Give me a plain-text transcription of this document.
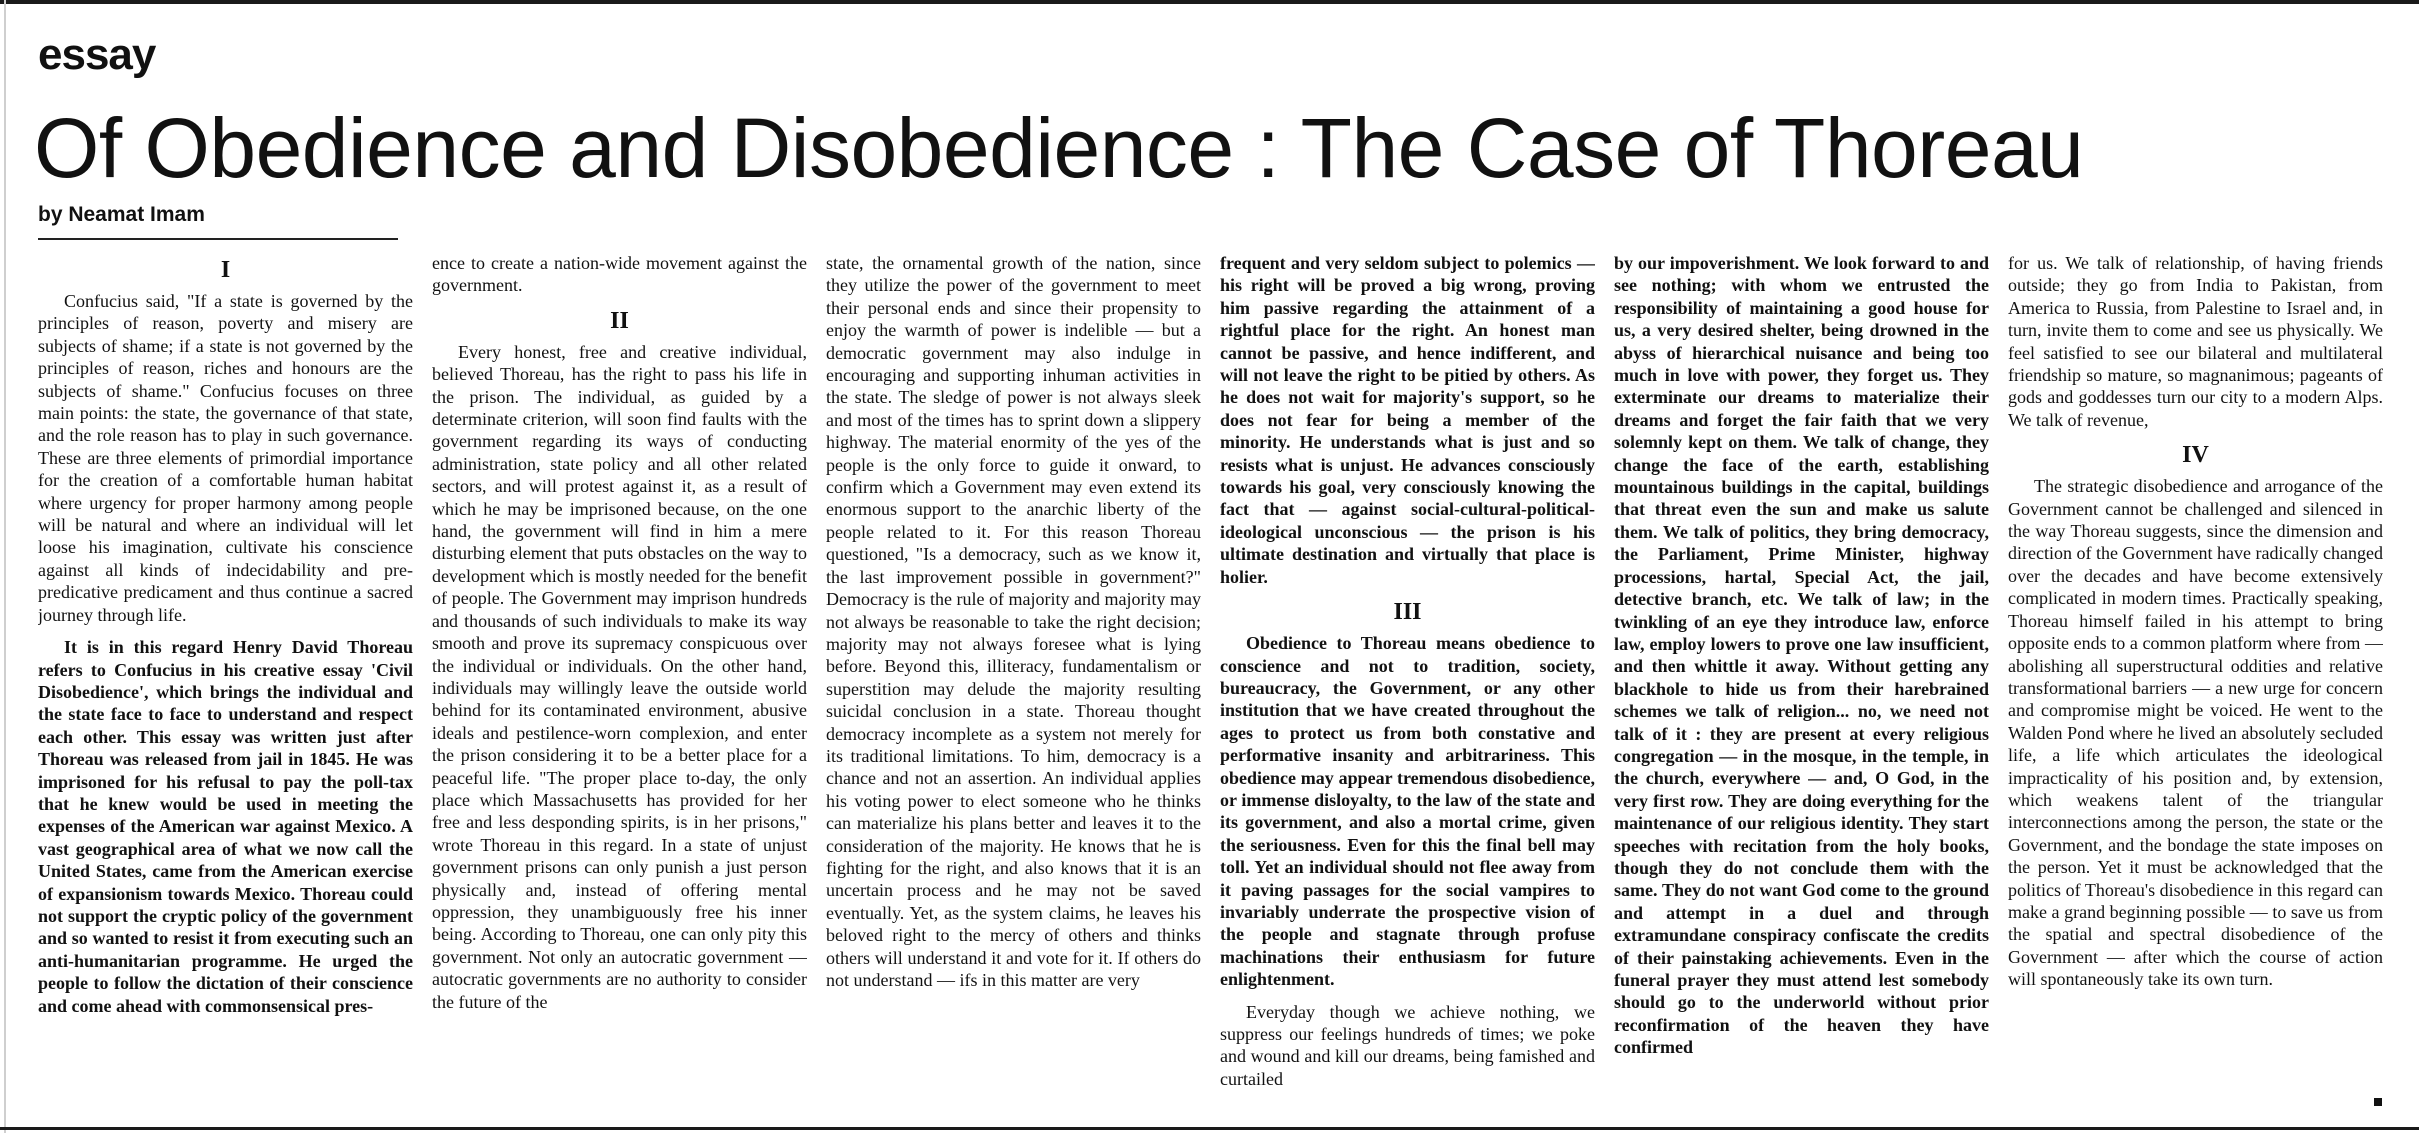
essay

Of Obedience and Disobedience : The Case of Thoreau

by Neamat Imam

I

Confucius said, "If a state is governed by the principles of reason, poverty and misery are subjects of shame; if a state is not governed by the principles of reason, riches and honours are the subjects of shame." Confucius focuses on three main points: the state, the governance of that state, and the role reason has to play in such governance. These are three elements of primordial importance for the creation of a comfortable human habitat where urgency for proper harmony among people will be natural and where an individual will let loose his imagination, cultivate his conscience against all kinds of indecidability and pre-predicative predicament and thus continue a sacred journey through life.

It is in this regard Henry David Thoreau refers to Confucius in his creative essay 'Civil Disobedience', which brings the individual and the state face to face to understand and respect each other. This essay was written just after Thoreau was released from jail in 1845. He was imprisoned for his refusal to pay the poll-tax that he knew would be used in meeting the expenses of the American war against Mexico. A vast geographical area of what we now call the United States, came from the American exercise of expansionism towards Mexico. Thoreau could not support the cryptic policy of the government and so wanted to resist it from executing such an anti-humanitarian programme. He urged the people to follow the dictation of their conscience and come ahead with commonsensical pres-

ence to create a nation-wide movement against the government.

II

Every honest, free and creative individual, believed Thoreau, has the right to pass his life in the prison. The individual, as guided by a determinate criterion, will soon find faults with the government regarding its ways of conducting administration, state policy and all other related sectors, and will protest against it, as a result of which he may be imprisoned because, on the one hand, the government will find in him a mere disturbing element that puts obstacles on the way to development which is mostly needed for the benefit of people. The Government may imprison hundreds and thousands of such individuals to make its way smooth and prove its supremacy conspicuous over the individual or individuals. On the other hand, individuals may willingly leave the outside world behind for its contaminated environment, abusive ideals and pestilence-worn complexion, and enter the prison considering it to be a better place for a peaceful life. "The proper place to-day, the only place which Massachusetts has provided for her free and less desponding spirits, is in her prisons," wrote Thoreau in this regard. In a state of unjust government prisons can only punish a just person physically and, instead of offering mental oppression, they unambiguously free his inner being. According to Thoreau, one can only pity this government. Not only an autocratic government — autocratic governments are no authority to consider the future of the

state, the ornamental growth of the nation, since they utilize the power of the government to meet their personal ends and since their propensity to enjoy the warmth of power is indelible — but a democratic government may also indulge in encouraging and supporting inhuman activities in the state. The sledge of power is not always sleek and most of the times has to sprint down a slippery highway. The material enormity of the yes of the people is the only force to guide it onward, to confirm which a Government may even extend its enormous support to the anarchic liberty of the people related to it. For this reason Thoreau questioned, "Is a democracy, such as we know it, the last improvement possible in government?" Democracy is the rule of majority and majority may not always be reasonable to take the right decision; majority may not always foresee what is lying before. Beyond this, illiteracy, fundamentalism or superstition may delude the majority resulting suicidal conclusion in a state. Thoreau thought democracy incomplete as a system not merely for its traditional limitations. To him, democracy is a chance and not an assertion. An individual applies his voting power to elect someone who he thinks can materialize his plans better and leaves it to the consideration of the majority. He knows that he is fighting for the right, and also knows that it is an uncertain process and he may not be saved eventually. Yet, as the system claims, he leaves his beloved right to the mercy of others and thinks others will understand it and vote for it. If others do not understand — ifs in this matter are very

frequent and very seldom subject to polemics — his right will be proved a big wrong, proving him passive regarding the attainment of a rightful place for the right. An honest man cannot be passive, and hence indifferent, and will not leave the right to be pitied by others. As he does not wait for majority's support, so he does not fear for being a member of the minority. He understands what is just and so resists what is unjust. He advances consciously towards his goal, very consciously knowing the fact that — against social-cultural-political-ideological unconscious — the prison is his ultimate destination and virtually that place is holier.

III

Obedience to Thoreau means obedience to conscience and not to tradition, society, bureaucracy, the Government, or any other institution that we have created throughout the ages to protect us from both constative and performative insanity and arbitrariness. This obedience may appear tremendous disobedience, or immense disloyalty, to the law of the state and its government, and also a mortal crime, given the seriousness. Even for this the final bell may toll. Yet an individual should not flee away from it paving passages for the social vampires to invariably underrate the prospective vision of the people and stagnate through profuse machinations their enthusiasm for future enlightenment.

Everyday though we achieve nothing, we suppress our feelings hundreds of times; we poke and wound and kill our dreams, being famished and curtailed

by our impoverishment. We look forward to and see nothing; with whom we entrusted the responsibility of maintaining a good house for us, a very desired shelter, being drowned in the abyss of hierarchical nuisance and being too much in love with power, they forget us. They exterminate our dreams to materialize their dreams and forget the fair faith that we very solemnly kept on them. We talk of change, they change the face of the earth, establishing mountainous buildings in the capital, buildings that threat even the sun and make us salute them. We talk of politics, they bring democracy, the Parliament, Prime Minister, highway processions, hartal, Special Act, the jail, detective branch, etc. We talk of law; in the twinkling of an eye they introduce law, enforce law, employ lowers to prove one law insufficient, and then whittle it away. Without getting any blackhole to hide us from their harebrained schemes we talk of religion... no, we need not talk of it : they are present at every religious congregation — in the mosque, in the temple, in the church, everywhere — and, O God, in the very first row. They are doing everything for the maintenance of our religious identity. They start speeches with recitation from the holy books, though they do not conclude them with the same. They do not want God come to the ground and attempt in a duel and through extramundane conspiracy confiscate the credits of their painstaking achievements. Even in the funeral prayer they must attend lest somebody should go to the underworld without prior reconfirmation of the heaven they have confirmed

for us. We talk of relationship, of having friends outside; they go from India to Pakistan, from America to Russia, from Palestine to Israel and, in turn, invite them to come and see us physically. We feel satisfied to see our bilateral and multilateral friendship so mature, so magnanimous; pageants of gods and goddesses turn our city to a modern Alps. We talk of revenue,

IV

The strategic disobedience and arrogance of the Government cannot be challenged and silenced in the way Thoreau suggests, since the dimension and direction of the Government have radically changed over the decades and have become extensively complicated in modern times. Practically speaking, Thoreau himself failed in his attempt to bring opposite ends to a common platform where from — abolishing all superstructural oddities and relative transformational barriers — a new urge for concern and compromise might be voiced. He went to the Walden Pond where he lived an absolutely secluded life, a life which articulates the ideological impracticality of his position and, by extension, which weakens talent of the triangular interconnections among the person, the state or the Government, and the bondage the state imposes on the person. Yet it must be acknowledged that the politics of Thoreau's disobedience in this regard can make a grand beginning possible — to save us from the spatial and spectral disobedience of the Government — after which the course of action will spontaneously take its own turn.
